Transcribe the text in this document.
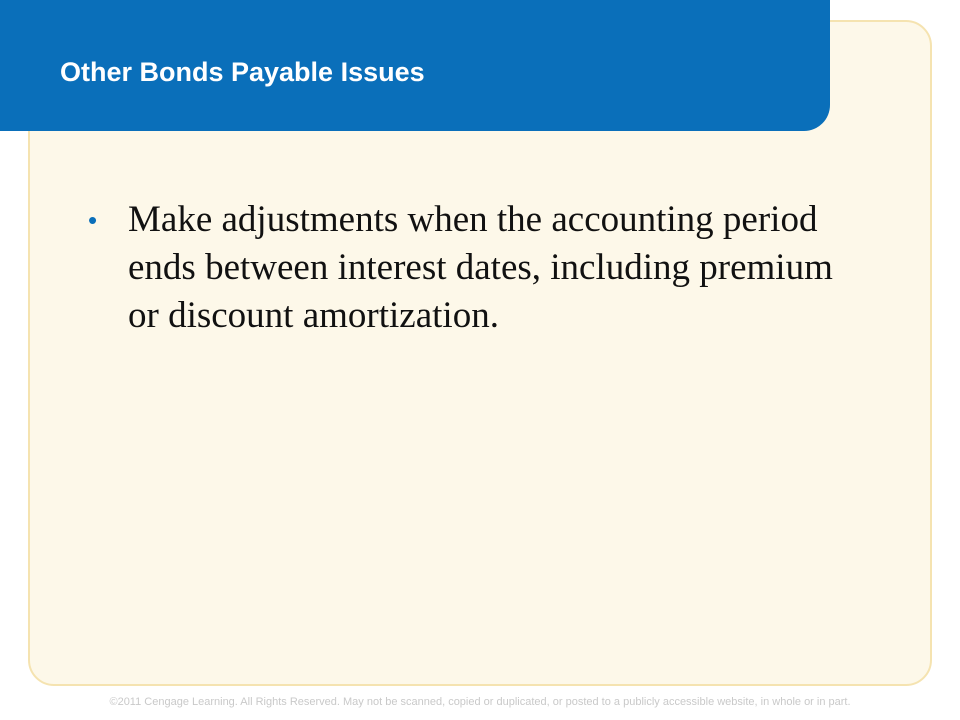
Other Bonds Payable Issues
• Make adjustments when the accounting period ends between interest dates, including premium or discount amortization.

©2011 Cengage Learning. All Rights Reserved. May not be scanned, copied or duplicated, or posted to a publicly accessible website, in whole or in part.
